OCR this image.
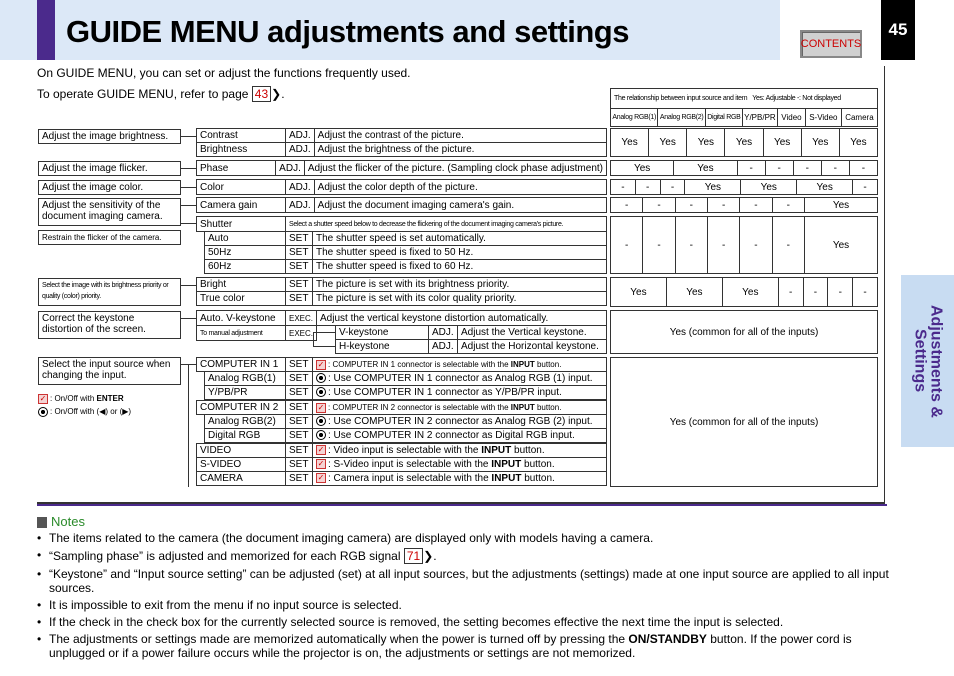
GUIDE MENU adjustments and settings	CONTENTS
45
Adjustments &
Settings
On GUIDE MENU, you can set or adjust the functions frequently used.
To operate GUIDE MENU, refer to page 43 ❯.	The relationship between input source and item Yes: Adjustable -: Not displayed
Analog RGB(1)	Analog RGB(2)	Digital RGB	Y/PB/PR	Video	S-Video	Camera
Adjust the image brightness.
Adjust the image flicker.
Adjust the image color.
Adjust the sensitivity of the document imaging camera.
Restrain the flicker of the camera.
Select the image with its brightness priority or quality (color) priority.
Correct the keystone distortion of the screen.
Select the input source when changing the input.
✓ : On/Off with ENTER
: On/Off with (◀) or (▶)
Contrast	ADJ.	Adjust the contrast of the picture.
Brightness	ADJ.	Adjust the brightness of the picture.
Yes	Yes	Yes	Yes	Yes	Yes	Yes
Phase	ADJ.	Adjust the flicker of the picture. (Sampling clock phase adjustment)	Yes	Yes	-	-	-	-	-
Color	ADJ.	Adjust the color depth of the picture.	-	-	-	Yes	Yes	Yes	-
Camera gain	ADJ.	Adjust the document imaging camera's gain.	-	-	-	-	-	-	Yes
Shutter	Select a shutter speed below to decrease the flickering of the document imaging camera's picture.
Auto	SET	The shutter speed is set automatically.
50Hz	SET	The shutter speed is fixed to 50 Hz.
60Hz	SET	The shutter speed is fixed to 60 Hz.
-	-	-	-	-	-	Yes
Bright	SET	The picture is set with its brightness priority.
True color	SET	The picture is set with its color quality priority.
Yes	Yes	Yes	-	-	-	-
Auto. V-keystone	EXEC.	Adjust the vertical keystone distortion automatically.
To manual adjustment	EXEC.		V-keystone	ADJ.	Adjust the Vertical keystone.
H-keystone	ADJ.	Adjust the Horizontal keystone.
Yes (common for all of the inputs)
COMPUTER IN 1	SET	✓ : COMPUTER IN 1 connector is selectable with the INPUT button.
Analog RGB(1)	SET	: Use COMPUTER IN 1 connector as Analog RGB (1) input.
Y/PB/PR	SET	: Use COMPUTER IN 1 connector as Y/PB/PR input.
COMPUTER IN 2	SET	✓ : COMPUTER IN 2 connector is selectable with the INPUT button.
Analog RGB(2)	SET	: Use COMPUTER IN 2 connector as Analog RGB (2) input.
Digital RGB	SET	: Use COMPUTER IN 2 connector as Digital RGB input.
VIDEO	SET	✓ : Video input is selectable with the INPUT button.
S-VIDEO	SET	✓ : S-Video input is selectable with the INPUT button.
CAMERA	SET	✓ : Camera input is selectable with the INPUT button.
Yes (common for all of the inputs)
Notes
• The items related to the camera (the document imaging camera) are displayed only with models having a camera.
• “Sampling phase” is adjusted and memorized for each RGB signal 71 ❯.
• “Keystone” and “Input source setting” can be adjusted (set) at all input sources, but the adjustments (settings) made at one input source are applied to all input sources.
• It is impossible to exit from the menu if no input source is selected.
• If the check in the check box for the currently selected source is removed, the setting becomes effective the next time the input is selected.
• The adjustments or settings made are memorized automatically when the power is turned off by pressing the ON/STANDBY button. If the power cord is unplugged or if a power failure occurs while the projector is on, the adjustments or settings are not memorized.
